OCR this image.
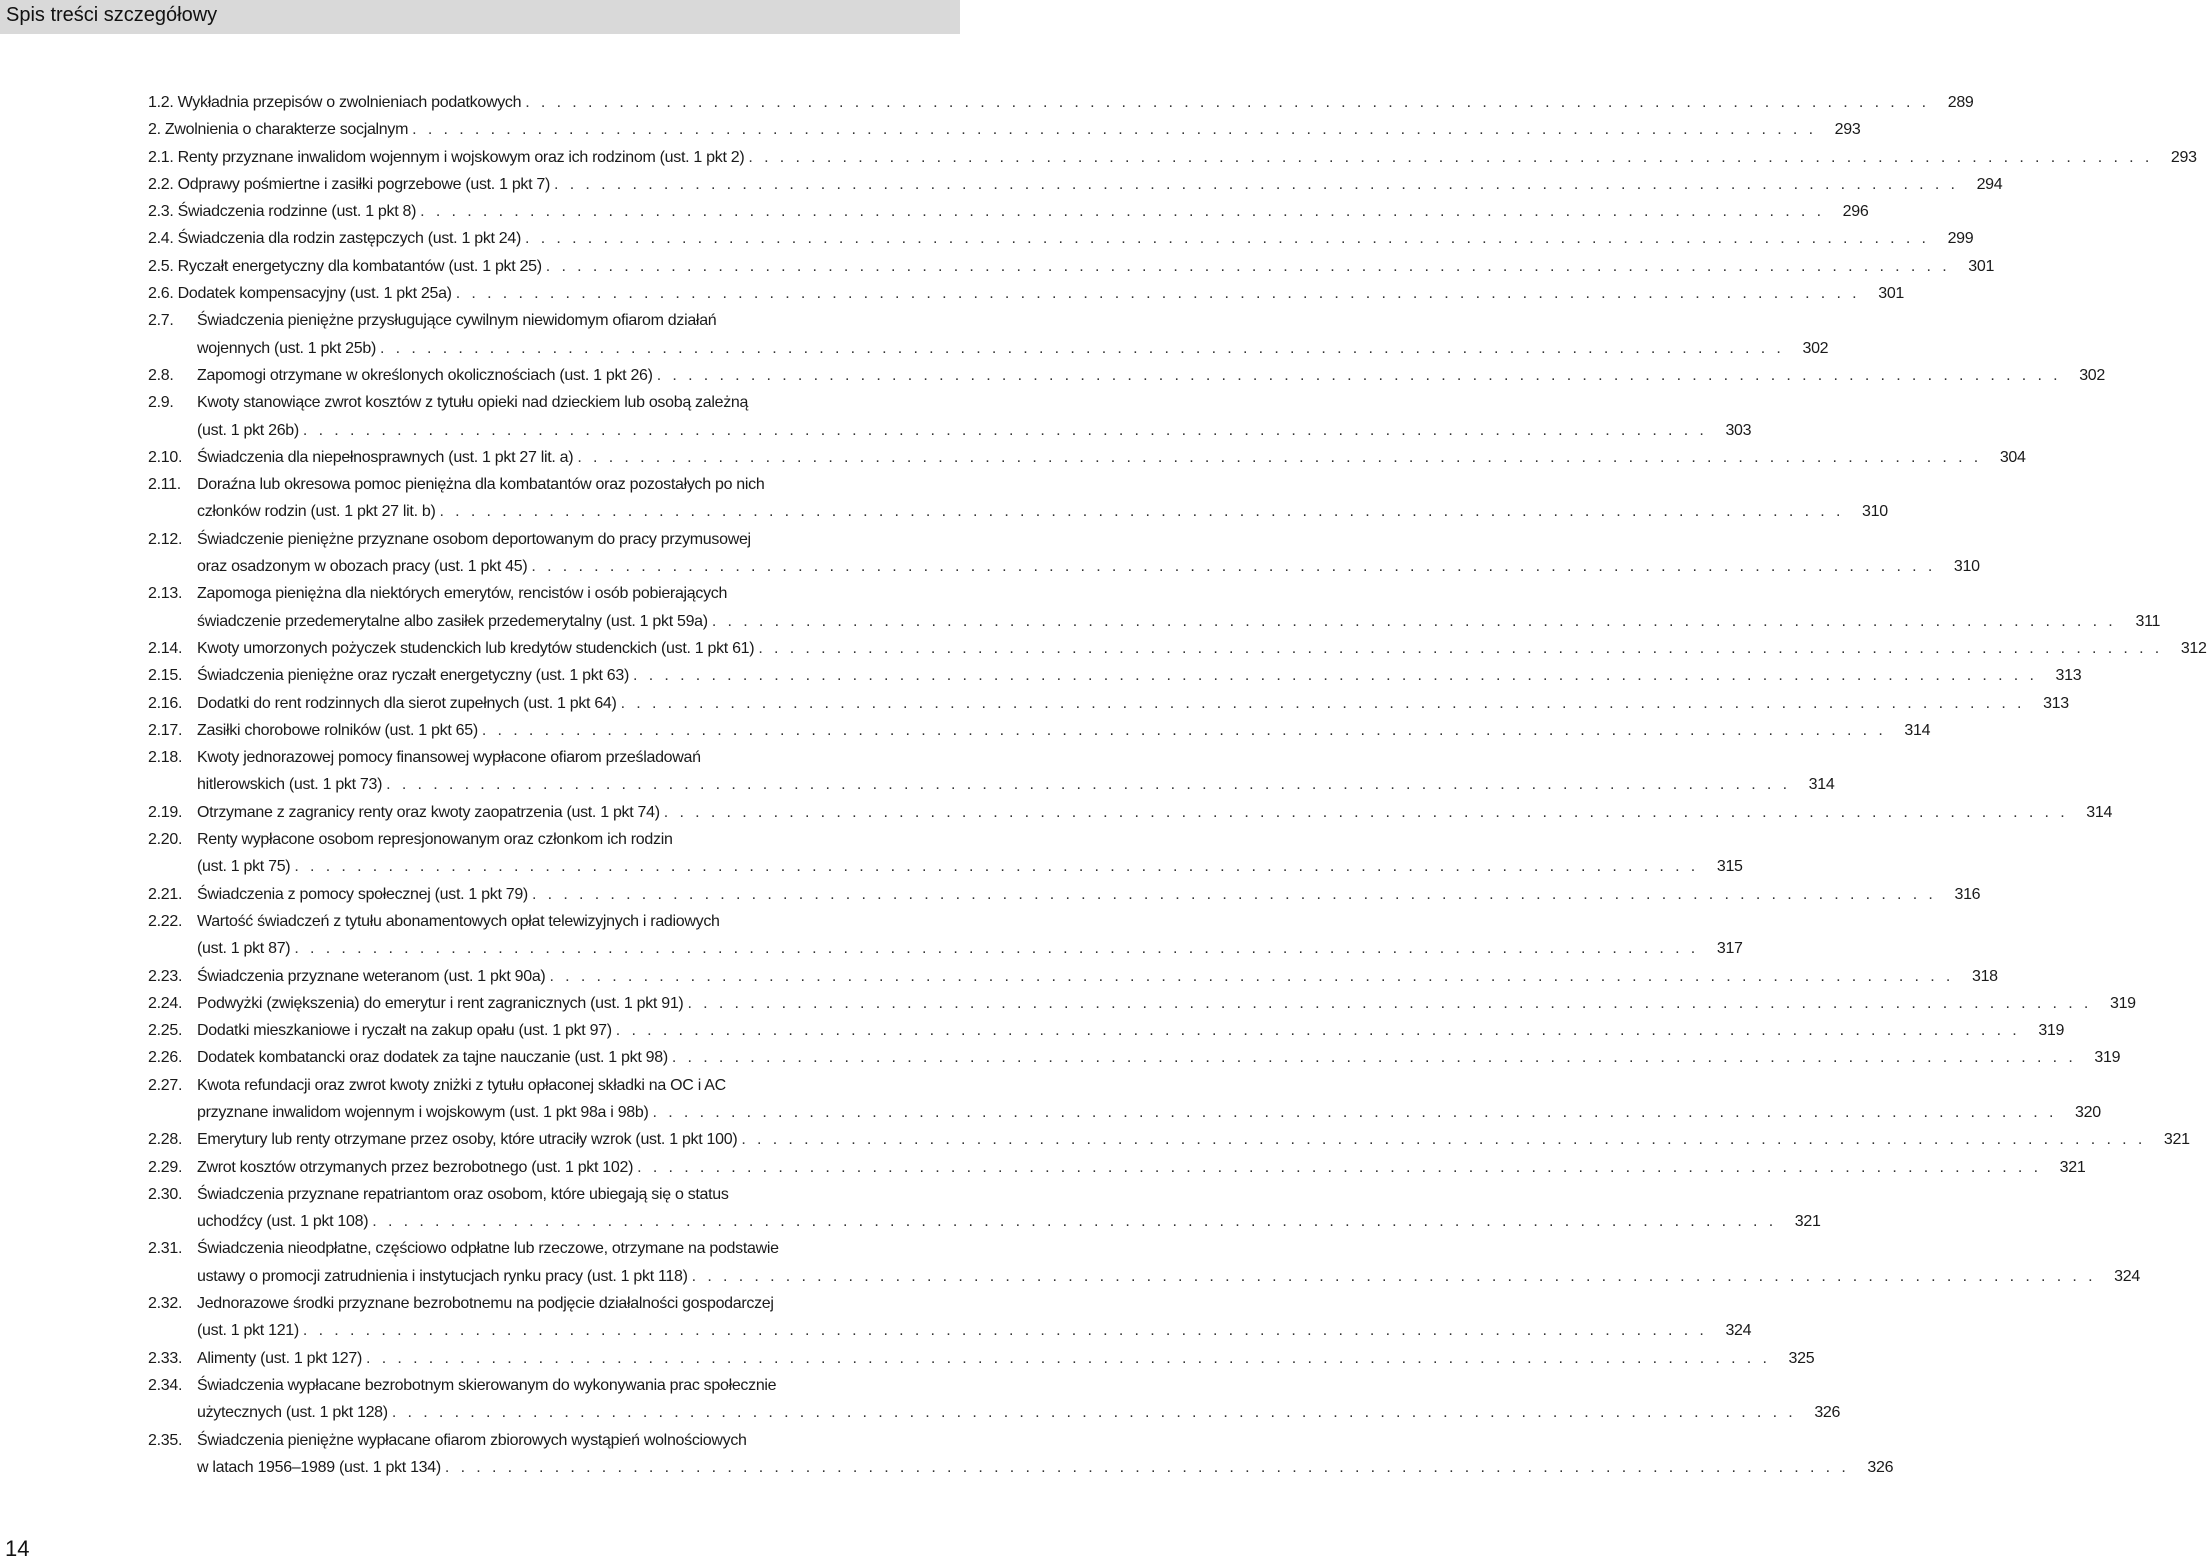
Spis treści szczegółowy
1.2. Wykładnia przepisów o zwolnieniach podatkowych . . . . . . . . . . . . . . . . . . . . . . . . . . . . . . . . . . . . . . . . . . . . . . . . . . . . . . . . . . . . . . . . . . . . . . . . . . . . . . . . . . . . . . . . . .	289
2. Zwolnienia o charakterze socjalnym . . . . . . . . . . . . . . . . . . . . . . . . . . . . . . . . . . . . . . . . . . . . . . . . . . . . . . . . . . . . . . . . . . . . . . . . . . . . . . . . . . . . . . . . . .	293
2.1. Renty przyznane inwalidom wojennym i wojskowym oraz ich rodzinom (ust. 1 pkt 2) . . . . . . . . . . . . . . . . . . . . . . . . . . . . . . . . . . . . . . . . . . . . . . . . . . . . . . . . . . . . . . . . . . . . . . . . . . . . . . . . . . . . . . . . . .	293
2.2. Odprawy pośmiertne i zasiłki pogrzebowe (ust. 1 pkt 7) . . . . . . . . . . . . . . . . . . . . . . . . . . . . . . . . . . . . . . . . . . . . . . . . . . . . . . . . . . . . . . . . . . . . . . . . . . . . . . . . . . . . . . . . . .	294
2.3. Świadczenia rodzinne (ust. 1 pkt 8) . . . . . . . . . . . . . . . . . . . . . . . . . . . . . . . . . . . . . . . . . . . . . . . . . . . . . . . . . . . . . . . . . . . . . . . . . . . . . . . . . . . . . . . . . .	296
2.4. Świadczenia dla rodzin zastępczych (ust. 1 pkt 24) . . . . . . . . . . . . . . . . . . . . . . . . . . . . . . . . . . . . . . . . . . . . . . . . . . . . . . . . . . . . . . . . . . . . . . . . . . . . . . . . . . . . . . . . . .	299
2.5. Ryczałt energetyczny dla kombatantów (ust. 1 pkt 25) . . . . . . . . . . . . . . . . . . . . . . . . . . . . . . . . . . . . . . . . . . . . . . . . . . . . . . . . . . . . . . . . . . . . . . . . . . . . . . . . . . . . . . . . . .	301
2.6. Dodatek kompensacyjny (ust. 1 pkt 25a) . . . . . . . . . . . . . . . . . . . . . . . . . . . . . . . . . . . . . . . . . . . . . . . . . . . . . . . . . . . . . . . . . . . . . . . . . . . . . . . . . . . . . . . . . .	301
2.7.	Świadczenia pieniężne przysługujące cywilnym niewidomym ofiarom działań
wojennych (ust. 1 pkt 25b) . . . . . . . . . . . . . . . . . . . . . . . . . . . . . . . . . . . . . . . . . . . . . . . . . . . . . . . . . . . . . . . . . . . . . . . . . . . . . . . . . . . . . . . . . .	302
2.8.	Zapomogi otrzymane w określonych okolicznościach (ust. 1 pkt 26) . . . . . . . . . . . . . . . . . . . . . . . . . . . . . . . . . . . . . . . . . . . . . . . . . . . . . . . . . . . . . . . . . . . . . . . . . . . . . . . . . . . . . . . . . .	302
2.9.	Kwoty stanowiące zwrot kosztów z tytułu opieki nad dzieckiem lub osobą zależną
(ust. 1 pkt 26b) . . . . . . . . . . . . . . . . . . . . . . . . . . . . . . . . . . . . . . . . . . . . . . . . . . . . . . . . . . . . . . . . . . . . . . . . . . . . . . . . . . . . . . . . . .	303
2.10. Świadczenia dla niepełnosprawnych (ust. 1 pkt 27 lit. a) . . . . . . . . . . . . . . . . . . . . . . . . . . . . . . . . . . . . . . . . . . . . . . . . . . . . . . . . . . . . . . . . . . . . . . . . . . . . . . . . . . . . . . . . . .	304
2.11.	Doraźna lub okresowa pomoc pieniężna dla kombatantów oraz pozostałych po nich
członków rodzin (ust. 1 pkt 27 lit. b) . . . . . . . . . . . . . . . . . . . . . . . . . . . . . . . . . . . . . . . . . . . . . . . . . . . . . . . . . . . . . . . . . . . . . . . . . . . . . . . . . . . . . . . . . .	310
2.12. Świadczenie pieniężne przyznane osobom deportowanym do pracy przymusowej
oraz osadzonym w obozach pracy (ust. 1 pkt 45) . . . . . . . . . . . . . . . . . . . . . . . . . . . . . . . . . . . . . . . . . . . . . . . . . . . . . . . . . . . . . . . . . . . . . . . . . . . . . . . . . . . . . . . . . .	310
2.13. Zapomoga pieniężna dla niektórych emerytów, rencistów i osób pobierających
świadczenie przedemerytalne albo zasiłek przedemerytalny (ust. 1 pkt 59a) . . . . . . . . . . . . . . . . . . . . . . . . . . . . . . . . . . . . . . . . . . . . . . . . . . . . . . . . . . . . . . . . . . . . . . . . . . . . . . . . . . . . . . . . . .	311
2.14. Kwoty umorzonych pożyczek studenckich lub kredytów studenckich (ust. 1 pkt 61) . . . . . . . . . . . . . . . . . . . . . . . . . . . . . . . . . . . . . . . . . . . . . . . . . . . . . . . . . . . . . . . . . . . . . . . . . . . . . . . . . . . . . . . . . .	312
2.15. Świadczenia pieniężne oraz ryczałt energetyczny (ust. 1 pkt 63) . . . . . . . . . . . . . . . . . . . . . . . . . . . . . . . . . . . . . . . . . . . . . . . . . . . . . . . . . . . . . . . . . . . . . . . . . . . . . . . . . . . . . . . . . .	313
2.16. Dodatki do rent rodzinnych dla sierot zupełnych (ust. 1 pkt 64) . . . . . . . . . . . . . . . . . . . . . . . . . . . . . . . . . . . . . . . . . . . . . . . . . . . . . . . . . . . . . . . . . . . . . . . . . . . . . . . . . . . . . . . . . .	313
2.17. Zasiłki chorobowe rolników (ust. 1 pkt 65) . . . . . . . . . . . . . . . . . . . . . . . . . . . . . . . . . . . . . . . . . . . . . . . . . . . . . . . . . . . . . . . . . . . . . . . . . . . . . . . . . . . . . . . . . .	314
2.18. Kwoty jednorazowej pomocy finansowej wypłacone ofiarom prześladowań
hitlerowskich (ust. 1 pkt 73) . . . . . . . . . . . . . . . . . . . . . . . . . . . . . . . . . . . . . . . . . . . . . . . . . . . . . . . . . . . . . . . . . . . . . . . . . . . . . . . . . . . . . . . . . .	314
2.19. Otrzymane z zagranicy renty oraz kwoty zaopatrzenia (ust. 1 pkt 74) . . . . . . . . . . . . . . . . . . . . . . . . . . . . . . . . . . . . . . . . . . . . . . . . . . . . . . . . . . . . . . . . . . . . . . . . . . . . . . . . . . . . . . . . . .	314
2.20. Renty wypłacone osobom represjonowanym oraz członkom ich rodzin
(ust. 1 pkt 75) . . . . . . . . . . . . . . . . . . . . . . . . . . . . . . . . . . . . . . . . . . . . . . . . . . . . . . . . . . . . . . . . . . . . . . . . . . . . . . . . . . . . . . . . . .	315
2.21. Świadczenia z pomocy społecznej (ust. 1 pkt 79) . . . . . . . . . . . . . . . . . . . . . . . . . . . . . . . . . . . . . . . . . . . . . . . . . . . . . . . . . . . . . . . . . . . . . . . . . . . . . . . . . . . . . . . . . .	316
2.22. Wartość świadczeń z tytułu abonamentowych opłat telewizyjnych i radiowych
(ust. 1 pkt 87) . . . . . . . . . . . . . . . . . . . . . . . . . . . . . . . . . . . . . . . . . . . . . . . . . . . . . . . . . . . . . . . . . . . . . . . . . . . . . . . . . . . . . . . . . .	317
2.23. Świadczenia przyznane weteranom (ust. 1 pkt 90a) . . . . . . . . . . . . . . . . . . . . . . . . . . . . . . . . . . . . . . . . . . . . . . . . . . . . . . . . . . . . . . . . . . . . . . . . . . . . . . . . . . . . . . . . . .	318
2.24. Podwyżki (zwiększenia) do emerytur i rent zagranicznych (ust. 1 pkt 91) . . . . . . . . . . . . . . . . . . . . . . . . . . . . . . . . . . . . . . . . . . . . . . . . . . . . . . . . . . . . . . . . . . . . . . . . . . . . . . . . . . . . . . . . . .	319
2.25. Dodatki mieszkaniowe i ryczałt na zakup opału (ust. 1 pkt 97) . . . . . . . . . . . . . . . . . . . . . . . . . . . . . . . . . . . . . . . . . . . . . . . . . . . . . . . . . . . . . . . . . . . . . . . . . . . . . . . . . . . . . . . . . .	319
2.26. Dodatek kombatancki oraz dodatek za tajne nauczanie (ust. 1 pkt 98) . . . . . . . . . . . . . . . . . . . . . . . . . . . . . . . . . . . . . . . . . . . . . . . . . . . . . . . . . . . . . . . . . . . . . . . . . . . . . . . . . . . . . . . . . .	319
2.27. Kwota refundacji oraz zwrot kwoty zniżki z tytułu opłaconej składki na OC i AC
przyznane inwalidom wojennym i wojskowym (ust. 1 pkt 98a i 98b) . . . . . . . . . . . . . . . . . . . . . . . . . . . . . . . . . . . . . . . . . . . . . . . . . . . . . . . . . . . . . . . . . . . . . . . . . . . . . . . . . . . . . . . . . .	320
2.28. Emerytury lub renty otrzymane przez osoby, które utraciły wzrok (ust. 1 pkt 100) . . . . . . . . . . . . . . . . . . . . . . . . . . . . . . . . . . . . . . . . . . . . . . . . . . . . . . . . . . . . . . . . . . . . . . . . . . . . . . . . . . . . . . . . . .	321
2.29. Zwrot kosztów otrzymanych przez bezrobotnego (ust. 1 pkt 102) . . . . . . . . . . . . . . . . . . . . . . . . . . . . . . . . . . . . . . . . . . . . . . . . . . . . . . . . . . . . . . . . . . . . . . . . . . . . . . . . . . . . . . . . . .	321
2.30. Świadczenia przyznane repatriantom oraz osobom, które ubiegają się o status
uchodźcy (ust. 1 pkt 108) . . . . . . . . . . . . . . . . . . . . . . . . . . . . . . . . . . . . . . . . . . . . . . . . . . . . . . . . . . . . . . . . . . . . . . . . . . . . . . . . . . . . . . . . . .	321
2.31. Świadczenia nieodpłatne, częściowo odpłatne lub rzeczowe, otrzymane na podstawie
ustawy o promocji zatrudnienia i instytucjach rynku pracy (ust. 1 pkt 118) . . . . . . . . . . . . . . . . . . . . . . . . . . . . . . . . . . . . . . . . . . . . . . . . . . . . . . . . . . . . . . . . . . . . . . . . . . . . . . . . . . . . . . . . . .	324
2.32. Jednorazowe środki przyznane bezrobotnemu na podjęcie działalności gospodarczej
(ust. 1 pkt 121) . . . . . . . . . . . . . . . . . . . . . . . . . . . . . . . . . . . . . . . . . . . . . . . . . . . . . . . . . . . . . . . . . . . . . . . . . . . . . . . . . . . . . . . . . .	324
2.33. Alimenty (ust. 1 pkt 127) . . . . . . . . . . . . . . . . . . . . . . . . . . . . . . . . . . . . . . . . . . . . . . . . . . . . . . . . . . . . . . . . . . . . . . . . . . . . . . . . . . . . . . . . . .	325
2.34. Świadczenia wypłacane bezrobotnym skierowanym do wykonywania prac społecznie
użytecznych (ust. 1 pkt 128) . . . . . . . . . . . . . . . . . . . . . . . . . . . . . . . . . . . . . . . . . . . . . . . . . . . . . . . . . . . . . . . . . . . . . . . . . . . . . . . . . . . . . . . . . .	326
2.35. Świadczenia pieniężne wypłacane ofiarom zbiorowych wystąpień wolnościowych
w latach 1956–1989 (ust. 1 pkt 134) . . . . . . . . . . . . . . . . . . . . . . . . . . . . . . . . . . . . . . . . . . . . . . . . . . . . . . . . . . . . . . . . . . . . . . . . . . . . . . . . . . . . . . . . . .	326
14
